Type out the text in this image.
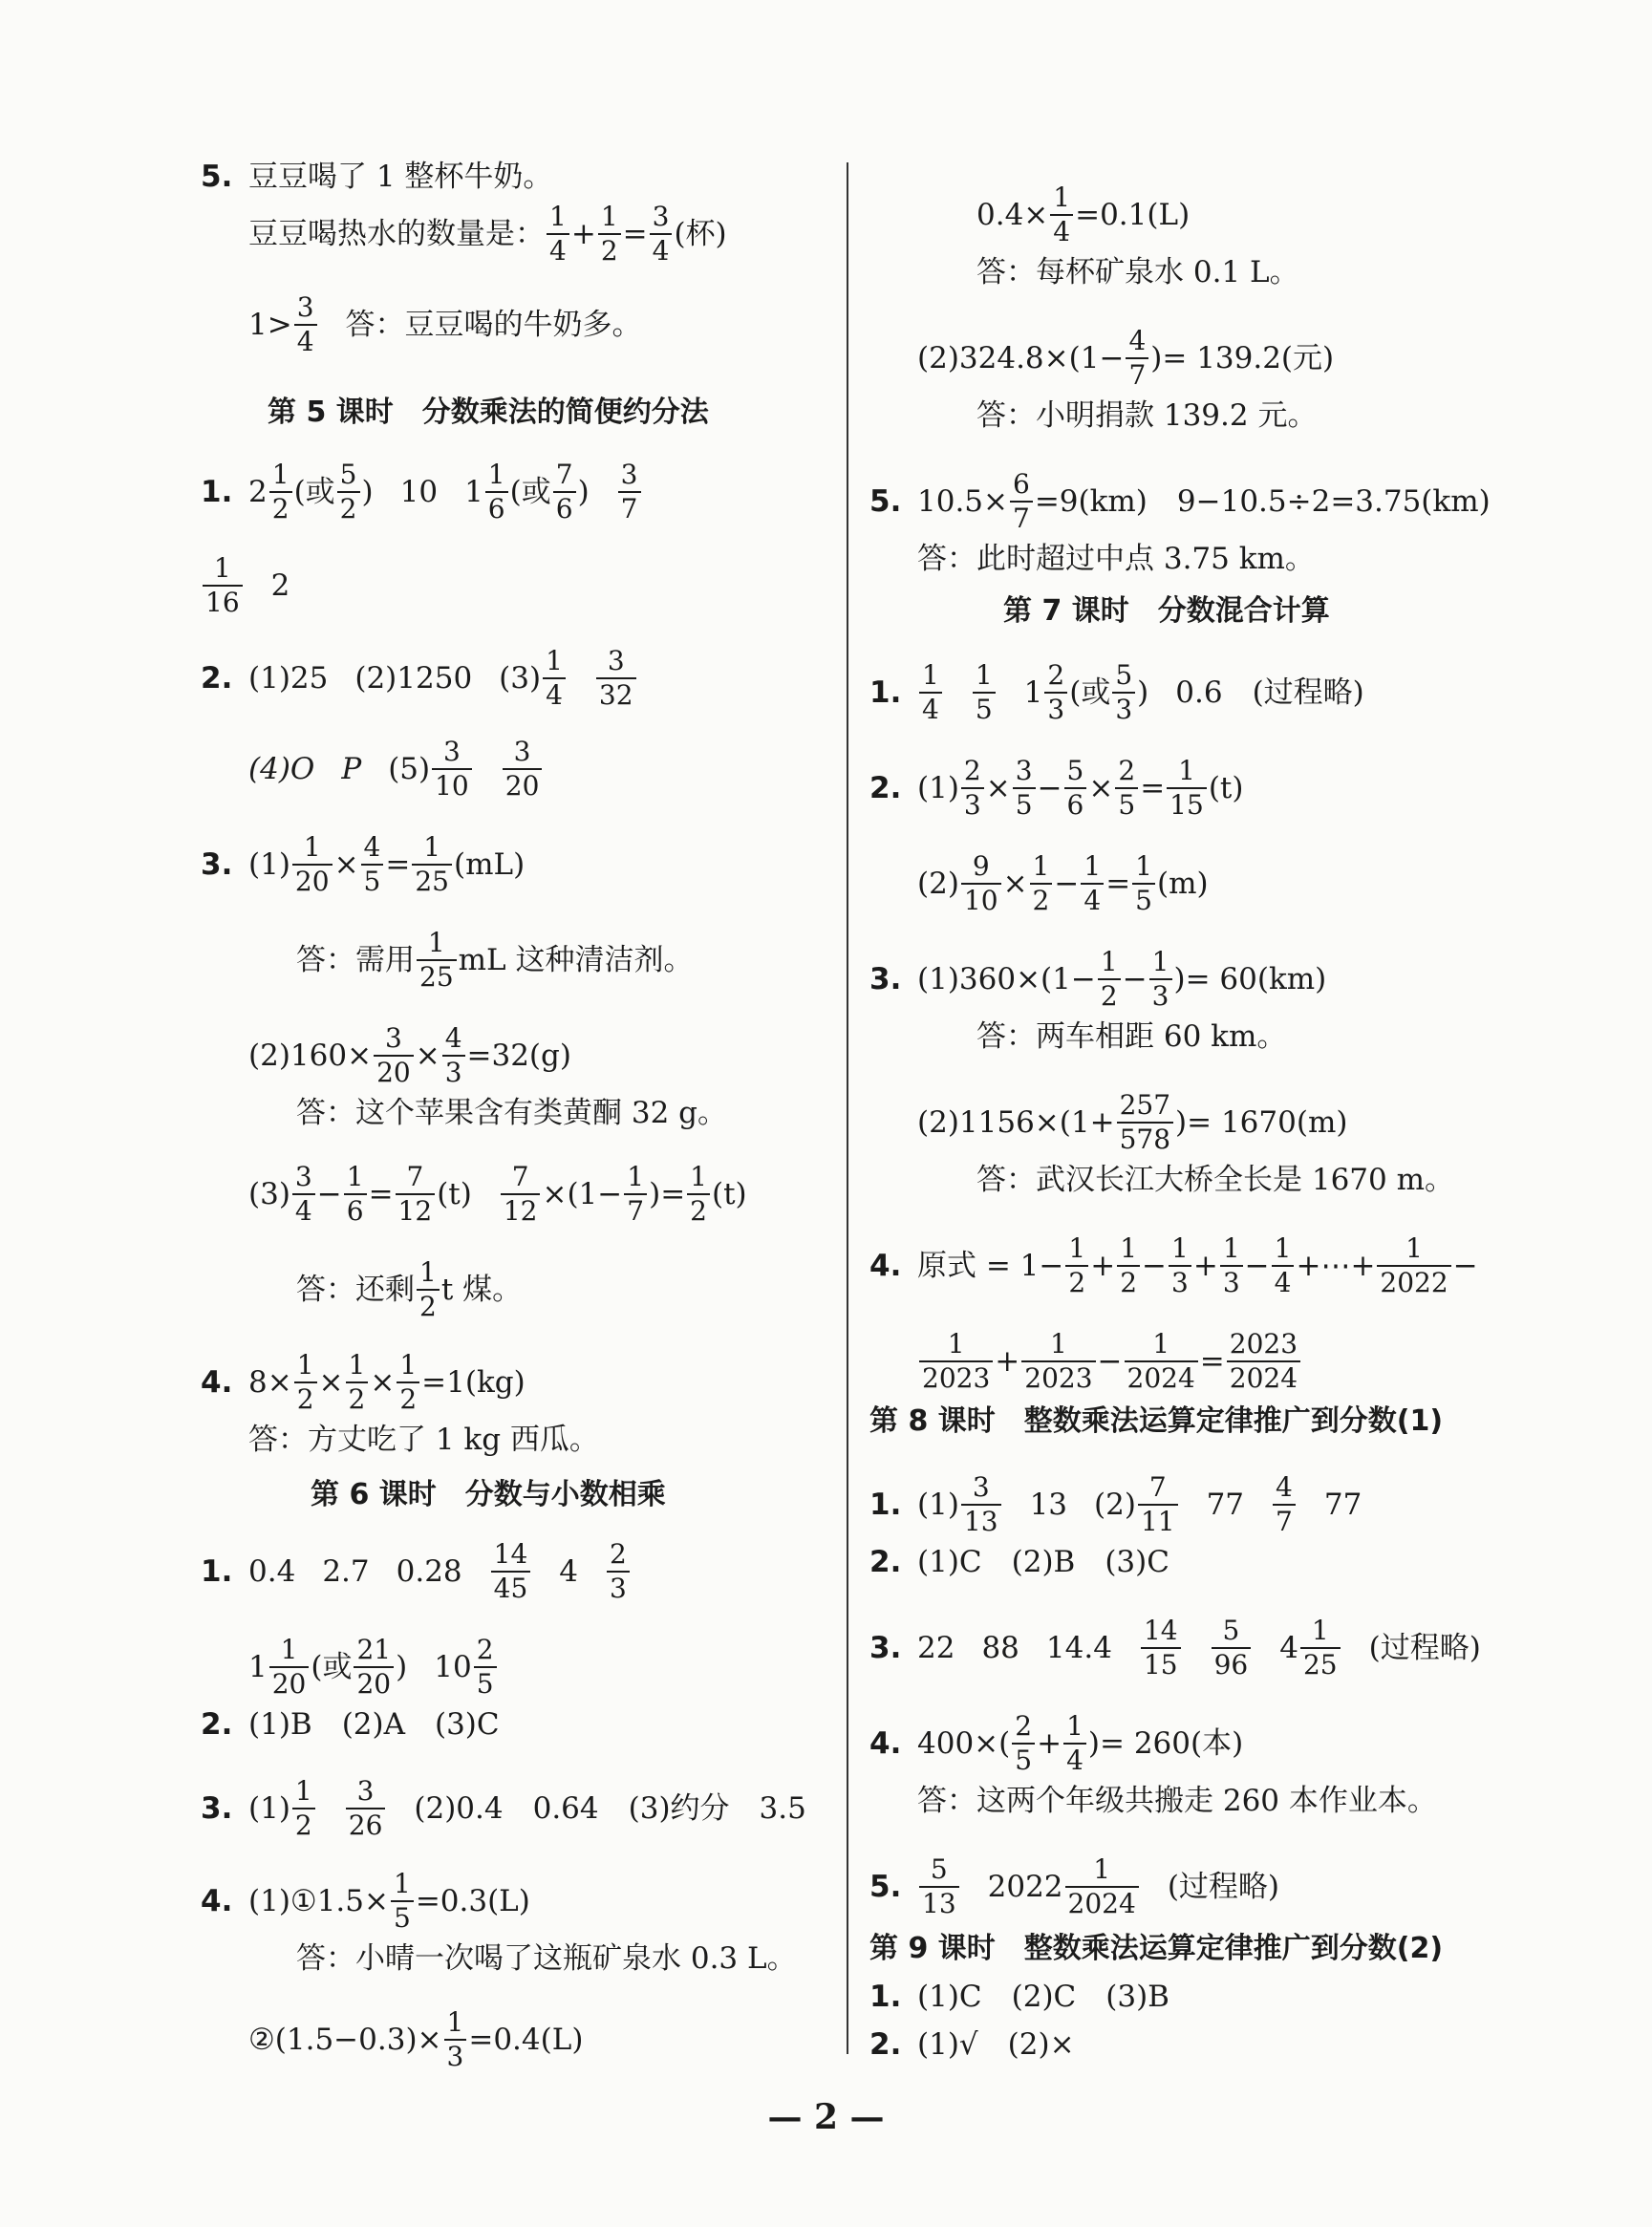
5. 豆豆喝了 1 整杯牛奶。
豆豆喝热水的数量是： $\frac{1}{4} + \frac{1}{2} = \frac{3}{4}$ (杯)
$1> \frac{3}{4}$ 答：豆豆喝的牛奶多。
第 5 课时　分数乘法的简便约分法
1. $2 \frac{1}{2}$ (或 $\frac{5}{2}$ ) 10 $1 \frac{1}{6}$ (或 $\frac{7}{6}$ ) $\frac{3}{7}$
$\frac{1}{16} 2$
2. (1)25 (2)1250 $(3) \frac{1}{4} \frac{3}{32}$
(4)O P $(5) \frac{3}{10} \frac{3}{20}$
3. $(1) \frac{1}{20} \times \frac{4}{5} = \frac{1}{25} (mL)$
答：需用 $\frac{1}{25}$ mL 这种清洁剂。
$(2)160\times \frac{3}{20} \times \frac{4}{3} =32(g)$
答：这个苹果含有类黄酮 32 g。
$(3) \frac{3}{4} - \frac{1}{6} = \frac{7}{12} (t) \frac{7}{12} \times(1- \frac{1}{7}$ )= $\frac{1}{2} (t)$
答：还剩 $\frac{1}{2}$ t 煤。
4. $8\times \frac{1}{2} \times \frac{1}{2} \times \frac{1}{2} =1(kg)$
答：方丈吃了 1 kg 西瓜。
第 6 课时　分数与小数相乘
1. 0.4 2.7 $0.28 \frac{14}{45} 4 \frac{2}{3}$
$1 \frac{1}{20}$ (或 $\frac{21}{20}$ ) $10 \frac{2}{5}$
2. (1)B　(2)A　(3)C
3. $(1) \frac{1}{2} \frac{3}{26} (2)0.4$　0.64　(3)约分　3.5
4. (1)①1.5× $\frac{1}{5} =0.3(L)$
答：小晴一次喝了这瓶矿泉水 0.3 L。
②(1.5−0.3)× $\frac{1}{3} =0.4(L)$
$0.4\times \frac{1}{4} =0.1(L)$
答：每杯矿泉水 0.1 L。
$(2)324.8\times(1- \frac{4}{7}$ )= 139.2(元)
答：小明捐款 139.2 元。
5. $10.5\times \frac{6}{7} =9(km)$　9−10.5÷2=3.75(km)
答：此时超过中点 3.75 km。
第 7 课时　分数混合计算
1. $\frac{1}{4} \frac{1}{5} 1 \frac{2}{3}$ (或 $\frac{5}{3}$ ) 0.6　(过程略)
2. $(1) \frac{2}{3} \times \frac{3}{5} - \frac{5}{6} \times \frac{2}{5} = \frac{1}{15} (t)$
$(2) \frac{9}{10} \times \frac{1}{2} - \frac{1}{4} = \frac{1}{5} (m)$
3. $(1)360\times(1- \frac{1}{2} - \frac{1}{3}$ )= 60(km)
答：两车相距 60 km。
$(2)1156\times(1+ \frac{257}{578}$ )= 1670(m)
答：武汉长江大桥全长是 1670 m。
4. 原式 = $1- \frac{1}{2} + \frac{1}{2} - \frac{1}{3} + \frac{1}{3} - \frac{1}{4}$ +⋯+ $\frac{1}{2022}$ −
$\frac{1}{2023} + \frac{1}{2023} - \frac{1}{2024} = \frac{2023}{2024}$
第 8 课时　整数乘法运算定律推广到分数(1)
1. $(1) \frac{3}{13} 13$ $(2) \frac{7}{11} 77 \frac{4}{7} 77$
2. (1)C　(2)B　(3)C
3. 22 88 $14.4 \frac{14}{15} \frac{5}{96} 4 \frac{1}{25}$ (过程略)
4. $400\times( \frac{2}{5} + \frac{1}{4}$ )= 260(本)
答：这两个年级共搬走 260 本作业本。
5. $\frac{5}{13} 2022 \frac{1}{2024}$ (过程略)
第 9 课时　整数乘法运算定律推广到分数(2)
1. (1)C　(2)C　(3)B
2. (1)√　(2)×
— 2 —
